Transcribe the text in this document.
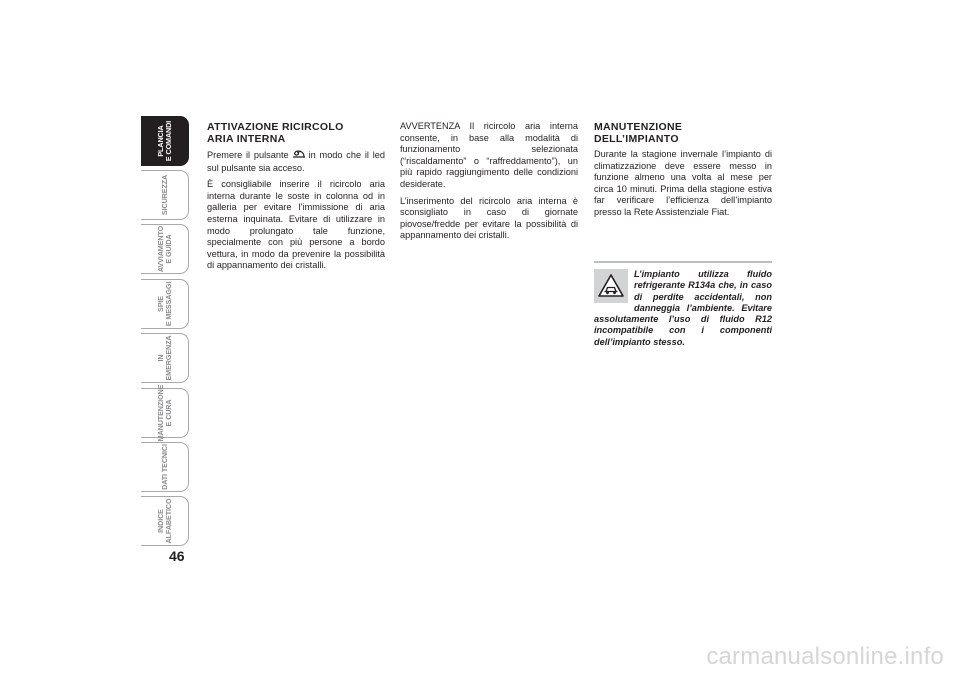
PLANCIA
E COMANDI
SICUREZZA
AVVIAMENTO
E GUIDA
SPIE
E MESSAGGI
IN
EMERGENZA
MANUTENZIONE
E CURA
DATI TECNICI
INDICE
ALFABETICO
46

ATTIVAZIONE RICIRCOLO
ARIA INTERNA

Premere il pulsante in modo che il led sul pulsante sia acceso.

È consigliabile inserire il ricircolo aria interna durante le soste in colonna od in galleria per evitare l’immissione di aria esterna inquinata. Evitare di utilizzare in modo prolungato tale funzione, specialmente con più persone a bordo vettura, in modo da prevenire la possibilità di appannamento dei cristalli.

AVVERTENZA Il ricircolo aria interna consente, in base alla modalità di funzionamento selezionata (“riscaldamento” o “raffreddamento”), un più rapido raggiungimento delle condizioni desiderate.

L’inserimento del ricircolo aria interna è sconsigliato in caso di giornate piovose/fredde per evitare la possibilità di appannamento dei cristalli.

MANUTENZIONE
DELL’IMPIANTO

Durante la stagione invernale l’impianto di climatizzazione deve essere messo in funzione almeno una volta al mese per circa 10 minuti. Prima della stagione estiva far verificare l’efficienza dell’impianto presso la Rete Assistenziale Fiat.

L’impianto utilizza fluido refrigerante R134a che, in caso di perdite accidentali, non danneggia l’ambiente. Evitare assolutamente l’uso di fluido R12 incompatibile con i componenti dell’impianto stesso.

carmanualsonline.info
